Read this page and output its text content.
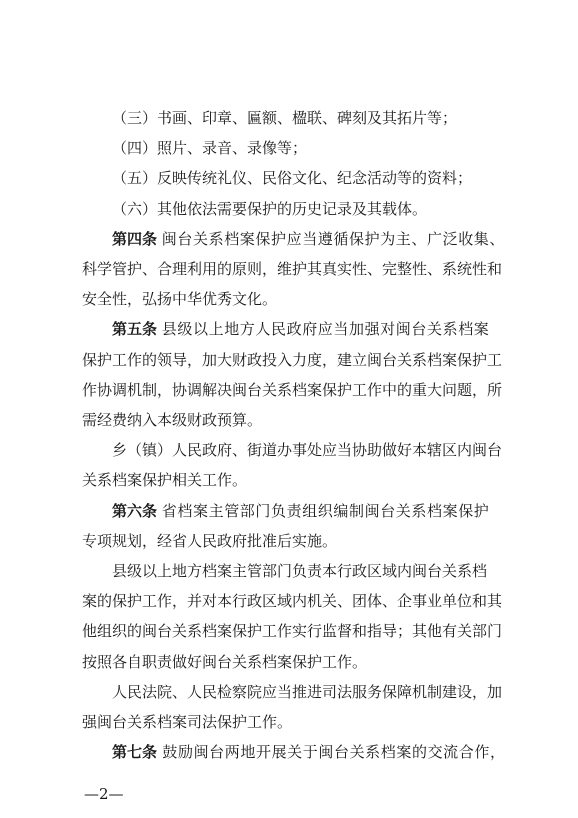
（三）书画、印章、匾额、楹联、碑刻及其拓片等；
（四）照片、录音、录像等；
（五）反映传统礼仪、民俗文化、纪念活动等的资料；
（六）其他依法需要保护的历史记录及其载体。
第四条 闽台关系档案保护应当遵循保护为主、广泛收集、
科学管护、合理利用的原则，维护其真实性、完整性、系统性和
安全性，弘扬中华优秀文化。
第五条 县级以上地方人民政府应当加强对闽台关系档案
保护工作的领导，加大财政投入力度，建立闽台关系档案保护工
作协调机制，协调解决闽台关系档案保护工作中的重大问题，所
需经费纳入本级财政预算。
乡（镇）人民政府、街道办事处应当协助做好本辖区内闽台
关系档案保护相关工作。
第六条 省档案主管部门负责组织编制闽台关系档案保护
专项规划，经省人民政府批准后实施。
县级以上地方档案主管部门负责本行政区域内闽台关系档
案的保护工作，并对本行政区域内机关、团体、企事业单位和其
他组织的闽台关系档案保护工作实行监督和指导；其他有关部门
按照各自职责做好闽台关系档案保护工作。
人民法院、人民检察院应当推进司法服务保障机制建设，加
强闽台关系档案司法保护工作。
第七条 鼓励闽台两地开展关于闽台关系档案的交流合作，
—2—
